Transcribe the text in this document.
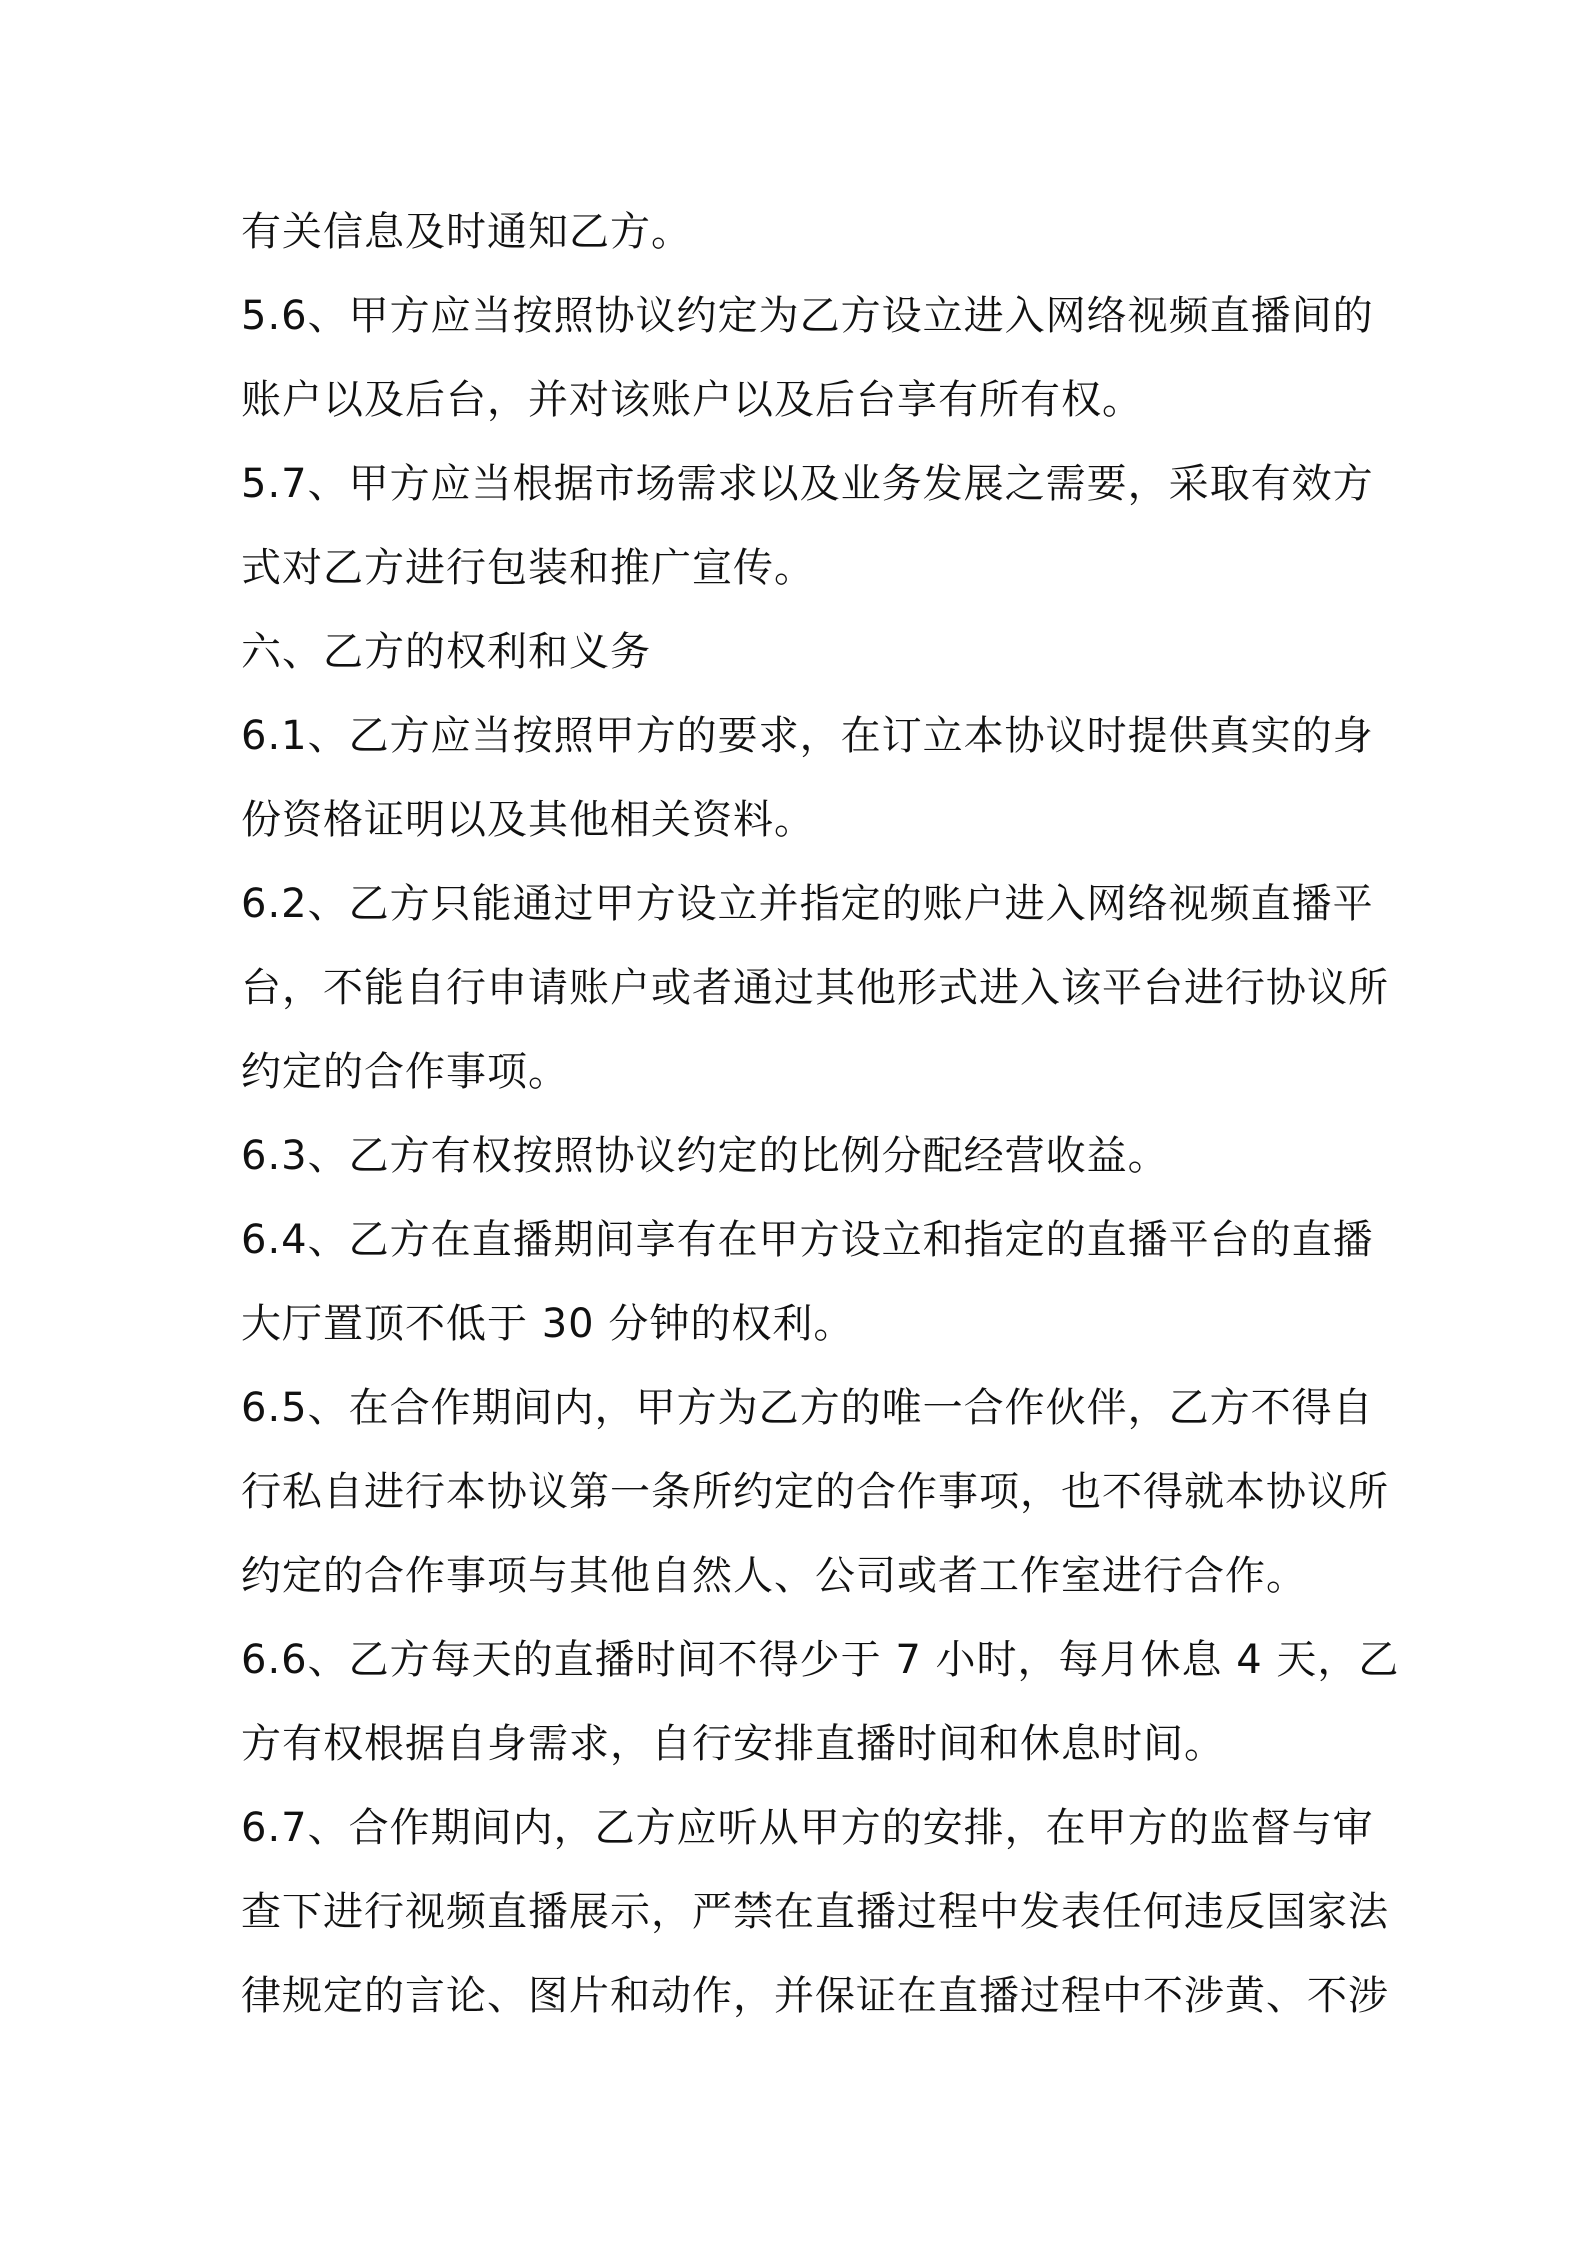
有关信息及时通知乙方。
5.6、甲方应当按照协议约定为乙方设立进入网络视频直播间的
账户以及后台，并对该账户以及后台享有所有权。
5.7、甲方应当根据市场需求以及业务发展之需要，采取有效方
式对乙方进行包装和推广宣传。
六、乙方的权利和义务
6.1、乙方应当按照甲方的要求，在订立本协议时提供真实的身
份资格证明以及其他相关资料。
6.2、乙方只能通过甲方设立并指定的账户进入网络视频直播平
台，不能自行申请账户或者通过其他形式进入该平台进行协议所
约定的合作事项。
6.3、乙方有权按照协议约定的比例分配经营收益。
6.4、乙方在直播期间享有在甲方设立和指定的直播平台的直播
大厅置顶不低于 30 分钟的权利。
6.5、在合作期间内，甲方为乙方的唯一合作伙伴，乙方不得自
行私自进行本协议第一条所约定的合作事项，也不得就本协议所
约定的合作事项与其他自然人、公司或者工作室进行合作。
6.6、乙方每天的直播时间不得少于 7 小时，每月休息 4 天，乙
方有权根据自身需求，自行安排直播时间和休息时间。
6.7、合作期间内，乙方应听从甲方的安排，在甲方的监督与审
查下进行视频直播展示，严禁在直播过程中发表任何违反国家法
律规定的言论、图片和动作，并保证在直播过程中不涉黄、不涉
